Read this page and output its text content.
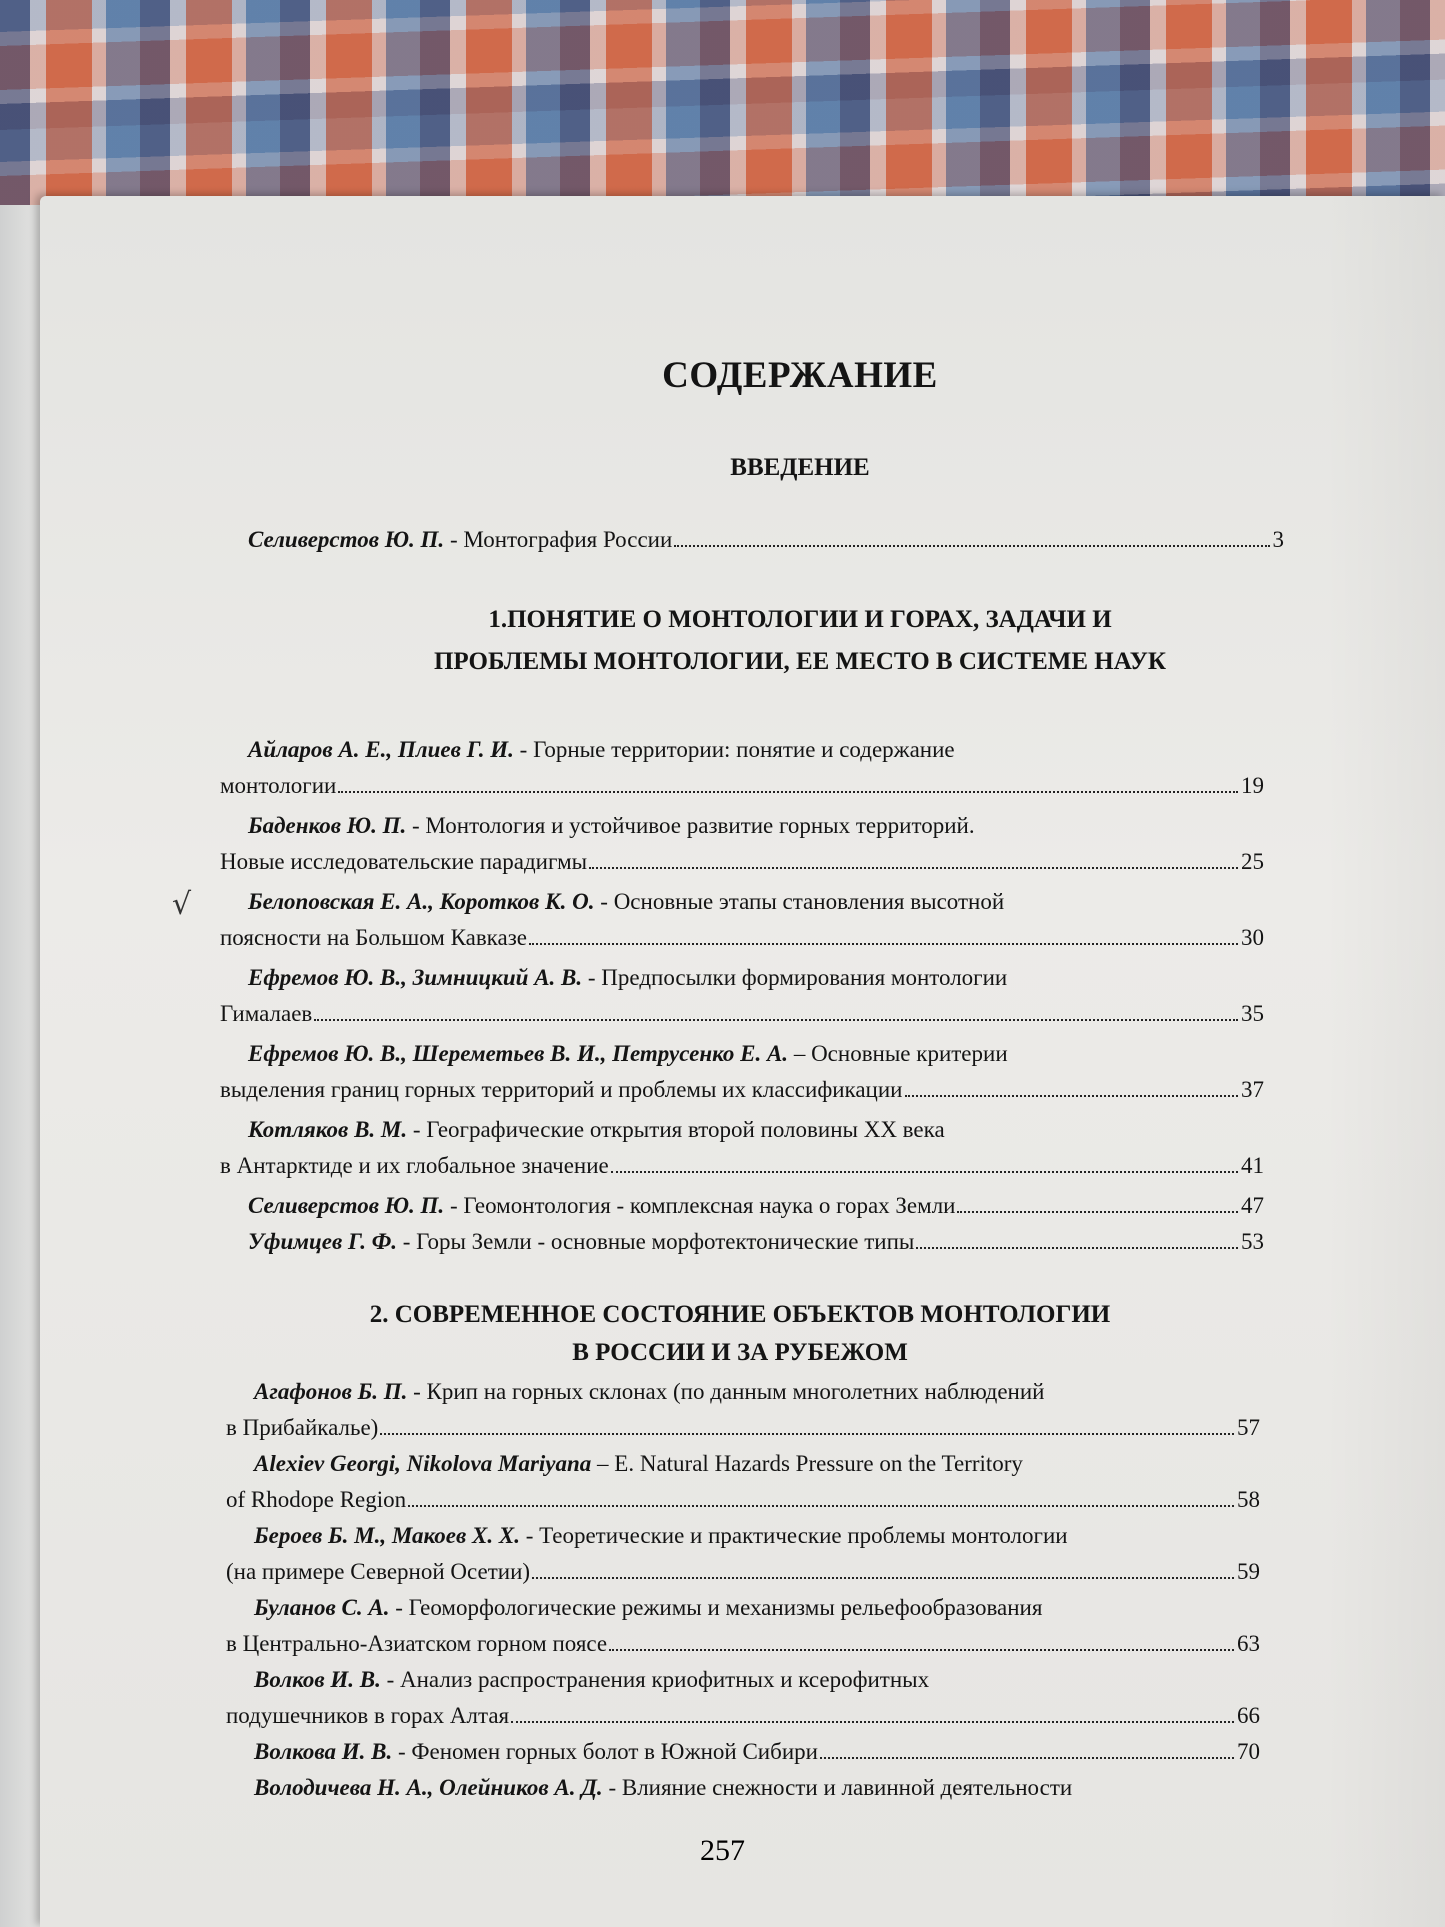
СОДЕРЖАНИЕ
ВВЕДЕНИЕ
Селиверстов Ю. П. - Монтография России	3
1.ПОНЯТИЕ О МОНТОЛОГИИ И ГОРАХ, ЗАДАЧИ И
ПРОБЛЕМЫ МОНТОЛОГИИ, ЕЕ МЕСТО В СИСТЕМЕ НАУК
Айларов А. Е., Плиев Г. И. - Горные территории: понятие и содержание
монтологии	19
Баденков Ю. П. - Монтология и устойчивое развитие горных территорий.
Новые исследовательские парадигмы	25
Белоповская Е. А., Коротков К. О. - Основные этапы становления высотной
поясности на Большом Кавказе	30
Ефремов Ю. В., Зимницкий А. В. - Предпосылки формирования монтологии
Гималаев	35
Ефремов Ю. В., Шереметьев В. И., Петрусенко Е. А. – Основные критерии
выделения границ горных территорий и проблемы их классификации	37
Котляков В. М. - Географические открытия второй половины XX века
в Антарктиде и их глобальное значение	41
Селиверстов Ю. П. - Геомонтология - комплексная наука о горах Земли	47
Уфимцев Г. Ф. - Горы Земли - основные морфотектонические типы	53
2. СОВРЕМЕННОЕ СОСТОЯНИЕ ОБЪЕКТОВ МОНТОЛОГИИ
В РОССИИ И ЗА РУБЕЖОМ
Агафонов Б. П. - Крип на горных склонах (по данным многолетних наблюдений
в Прибайкалье)	57
Alexiev Georgi, Nikolova Mariyana – E. Natural Hazards Pressure on the Territory
of Rhodope Region	58
Бероев Б. М., Макоев Х. Х. - Теоретические и практические проблемы монтологии
(на примере Северной Осетии)	59
Буланов С. А. - Геоморфологические режимы и механизмы рельефообразования
в Центрально-Азиатском горном поясе	63
Волков И. В. - Анализ распространения криофитных и ксерофитных
подушечников в горах Алтая	66
Волкова И. В. - Феномен горных болот в Южной Сибири	70
Володичева Н. А., Олейников А. Д. - Влияние снежности и лавинной деятельности
√
257
